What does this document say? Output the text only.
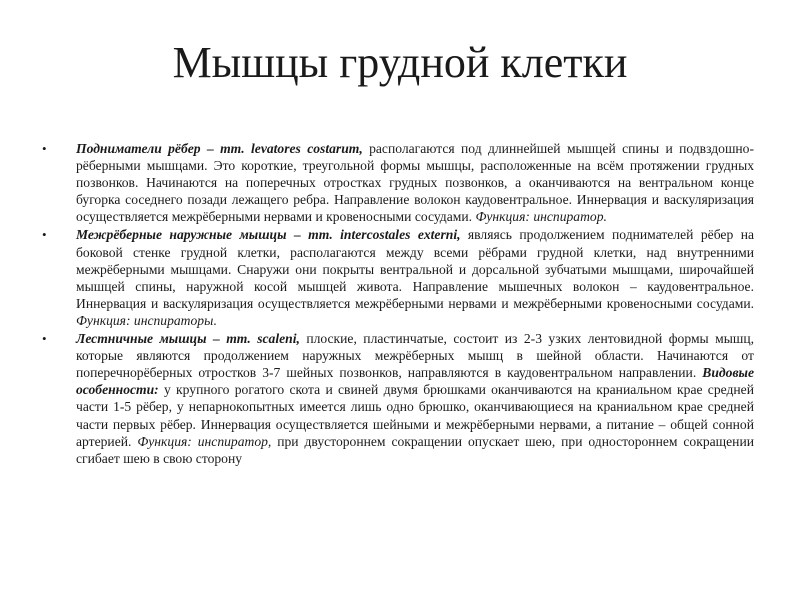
Мышцы грудной клетки
• Подниматели рёбер – mm. levatores costarum, располагаются под длиннейшей мышцей спины и подвздошно-рёберными мышцами. Это короткие, треугольной формы мышцы, расположенные на всём протяжении грудных позвонков. Начинаются на поперечных отростках грудных позвонков, а оканчиваются на вентральном конце бугорка соседнего позади лежащего ребра. Направление волокон каудовентральное. Иннервация и васкуляризация осуществляется межрёберными нервами и кровеносными сосудами. Функция: инспиратор.
• Межрёберные наружные мышцы – mm. intercostales externi, являясь продолжением поднимателей рёбер на боковой стенке грудной клетки, располагаются между всеми рёбрами грудной клетки, над внутренними межрёберными мышцами. Снаружи они покрыты вентральной и дорсальной зубчатыми мышцами, широчайшей мышцей спины, наружной косой мышцей живота. Направление мышечных волокон – каудовентральное. Иннервация и васкуляризация осуществляется межрёберными нервами и межрёберными кровеносными сосудами. Функция: инспираторы.
• Лестничные мышцы – mm. scaleni, плоские, пластинчатые, состоит из 2-3 узких лентовидной формы мышц, которые являются продолжением наружных межрёберных мышц в шейной области. Начинаются от поперечнорёберных отростков 3-7 шейных позвонков, направляются в каудовентральном направлении. Видовые особенности: у крупного рогатого скота и свиней двумя брюшками оканчиваются на краниальном крае средней части 1-5 рёбер, у непарнокопытных имеется лишь одно брюшко, оканчивающиеся на краниальном крае средней части первых рёбер. Иннервация осуществляется шейными и межрёберными нервами, а питание – общей сонной артерией. Функция: инспиратор, при двустороннем сокращении опускает шею, при одностороннем сокращении сгибает шею в свою сторону
